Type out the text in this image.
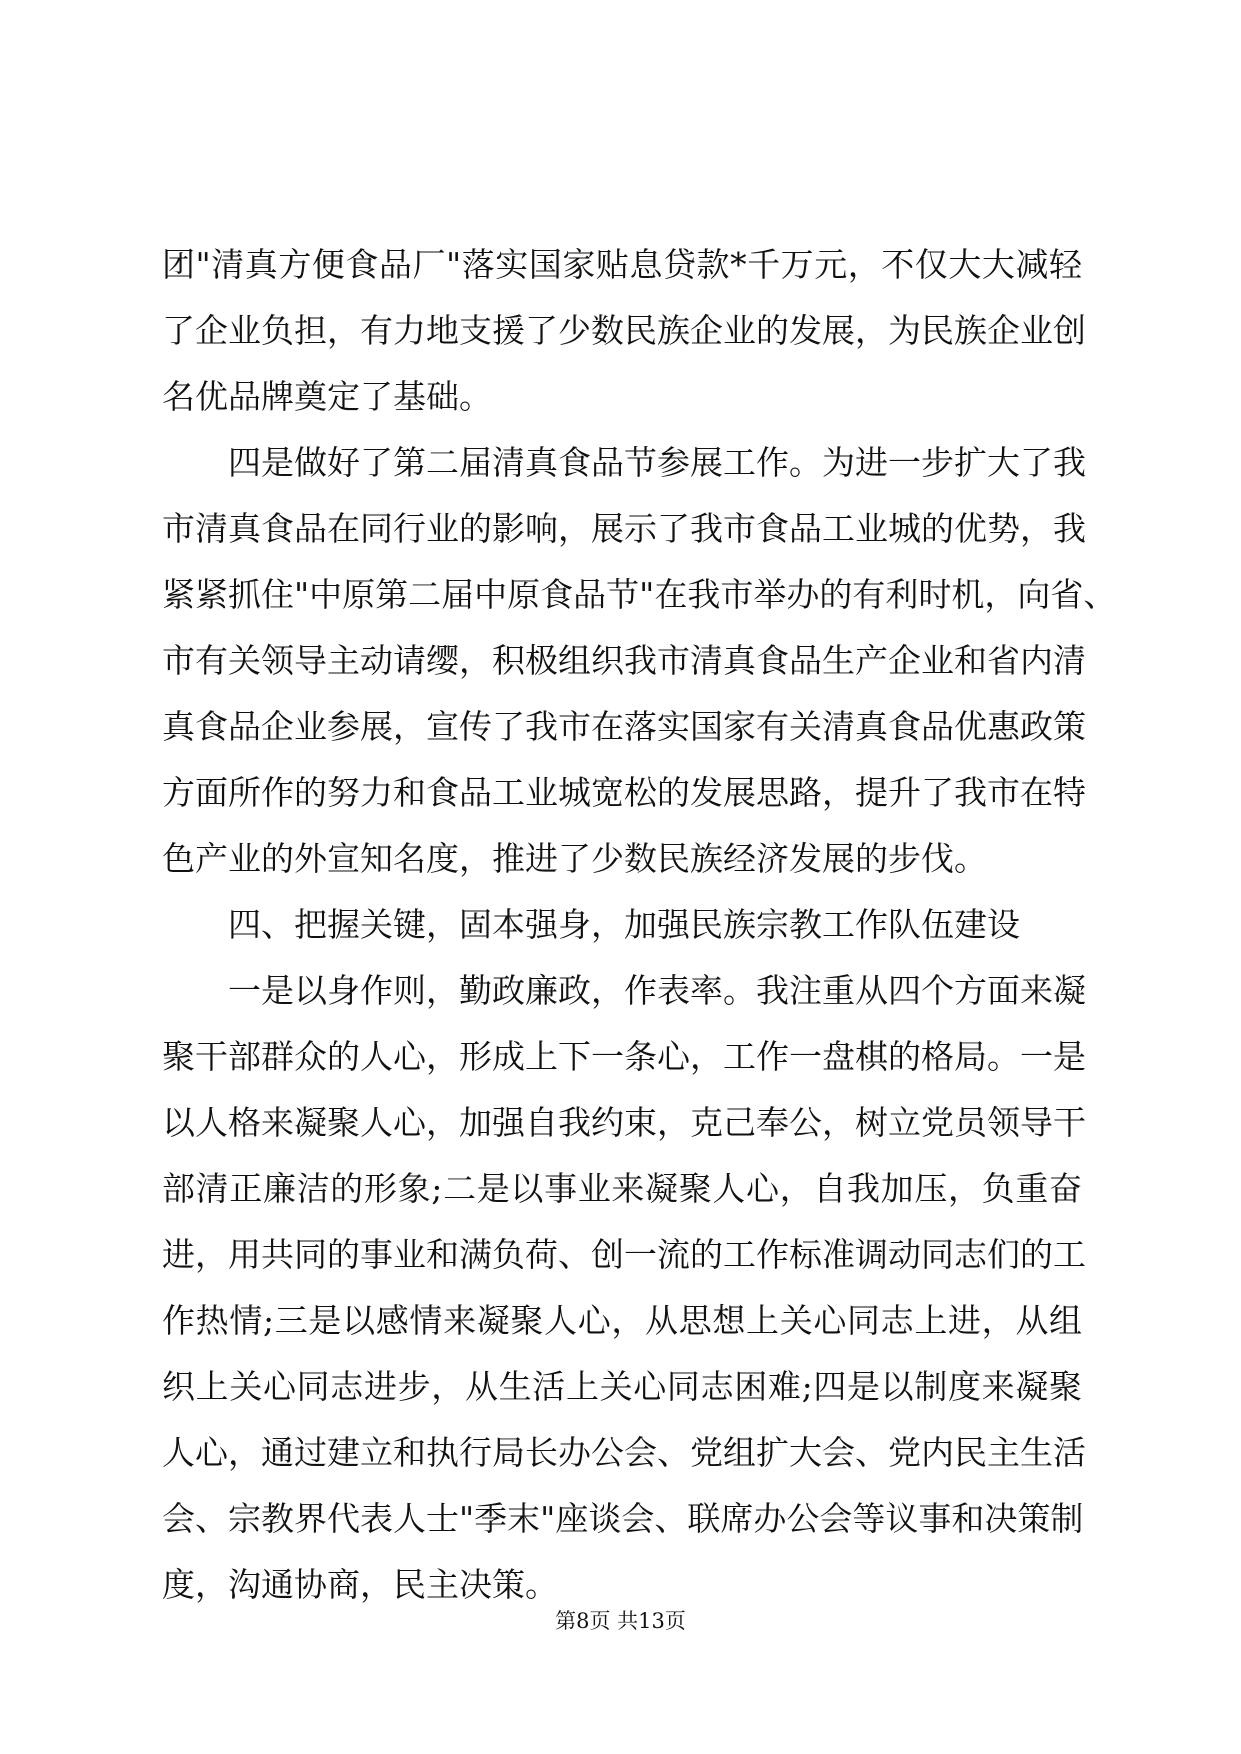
团"清真方便食品厂"落实国家贴息贷款*千万元，不仅大大减轻
了企业负担，有力地支援了少数民族企业的发展，为民族企业创
名优品牌奠定了基础。
四是做好了第二届清真食品节参展工作。为进一步扩大了我
市清真食品在同行业的影响，展示了我市食品工业城的优势，我
紧紧抓住"中原第二届中原食品节"在我市举办的有利时机，向省、
市有关领导主动请缨，积极组织我市清真食品生产企业和省内清
真食品企业参展，宣传了我市在落实国家有关清真食品优惠政策
方面所作的努力和食品工业城宽松的发展思路，提升了我市在特
色产业的外宣知名度，推进了少数民族经济发展的步伐。
四、把握关键，固本强身，加强民族宗教工作队伍建设
一是以身作则，勤政廉政，作表率。我注重从四个方面来凝
聚干部群众的人心，形成上下一条心，工作一盘棋的格局。一是
以人格来凝聚人心，加强自我约束，克己奉公，树立党员领导干
部清正廉洁的形象;二是以事业来凝聚人心，自我加压，负重奋
进，用共同的事业和满负荷、创一流的工作标准调动同志们的工
作热情;三是以感情来凝聚人心，从思想上关心同志上进，从组
织上关心同志进步，从生活上关心同志困难;四是以制度来凝聚
人心，通过建立和执行局长办公会、党组扩大会、党内民主生活
会、宗教界代表人士"季末"座谈会、联席办公会等议事和决策制
度，沟通协商，民主决策。
第8页 共13页
